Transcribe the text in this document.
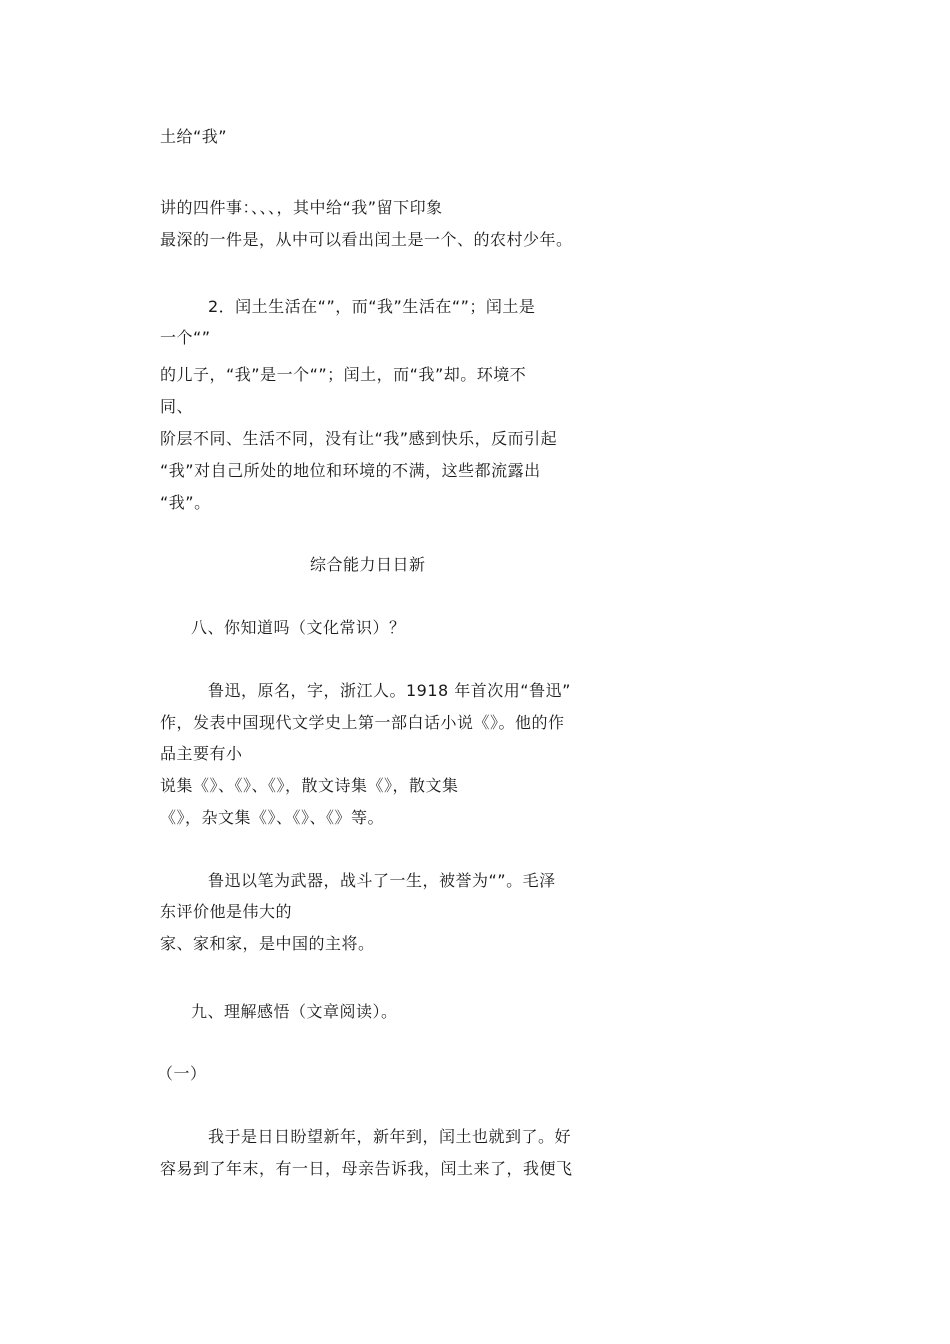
土给“我”
讲的四件事：、、、，其中给“我”留下印象
最深的一件是，从中可以看出闰土是一个、的农村少年。
2．闰土生活在“”，而“我”生活在“”；闰土是
一个“”
的儿子，“我”是一个“”；闰土，而“我”却。环境不
同、
阶层不同、生活不同，没有让“我”感到快乐，反而引起
“我”对自己所处的地位和环境的不满，这些都流露出
“我”。
综合能力日日新
八、你知道吗（文化常识）？
鲁迅，原名，字，浙江人。1918 年首次用“鲁迅”
作，发表中国现代文学史上第一部白话小说《》。他的作
品主要有小
说集《》、《》、《》，散文诗集《》，散文集
《》，杂文集《》、《》、《》等。
鲁迅以笔为武器，战斗了一生，被誉为“”。毛泽
东评价他是伟大的
家、家和家，是中国的主将。
九、理解感悟（文章阅读）。
（一）
我于是日日盼望新年，新年到，闰土也就到了。好
容易到了年末，有一日，母亲告诉我，闰土来了，我便飞
